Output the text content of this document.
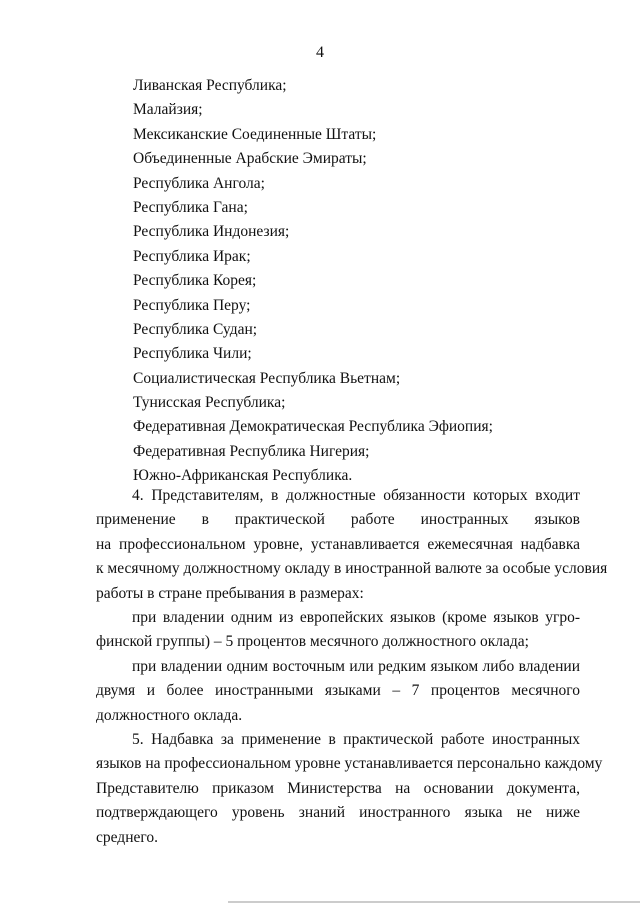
4
Ливанская Республика;
Малайзия;
Мексиканские Соединенные Штаты;
Объединенные Арабские Эмираты;
Республика Ангола;
Республика Гана;
Республика Индонезия;
Республика Ирак;
Республика Корея;
Республика Перу;
Республика Судан;
Республика Чили;
Социалистическая Республика Вьетнам;
Тунисская Республика;
Федеративная Демократическая Республика Эфиопия;
Федеративная Республика Нигерия;
Южно-Африканская Республика.
4. Представителям, в должностные обязанности которых входит
применение в практической работе иностранных языков
на профессиональном уровне, устанавливается ежемесячная надбавка
к месячному должностному окладу в иностранной валюте за особые условия
работы в стране пребывания в размерах:
при владении одним из европейских языков (кроме языков угро-
финской группы) – 5 процентов месячного должностного оклада;
при владении одним восточным или редким языком либо владении
двумя и более иностранными языками – 7 процентов месячного
должностного оклада.
5. Надбавка за применение в практической работе иностранных
языков на профессиональном уровне устанавливается персонально каждому
Представителю приказом Министерства на основании документа,
подтверждающего уровень знаний иностранного языка не ниже
среднего.
